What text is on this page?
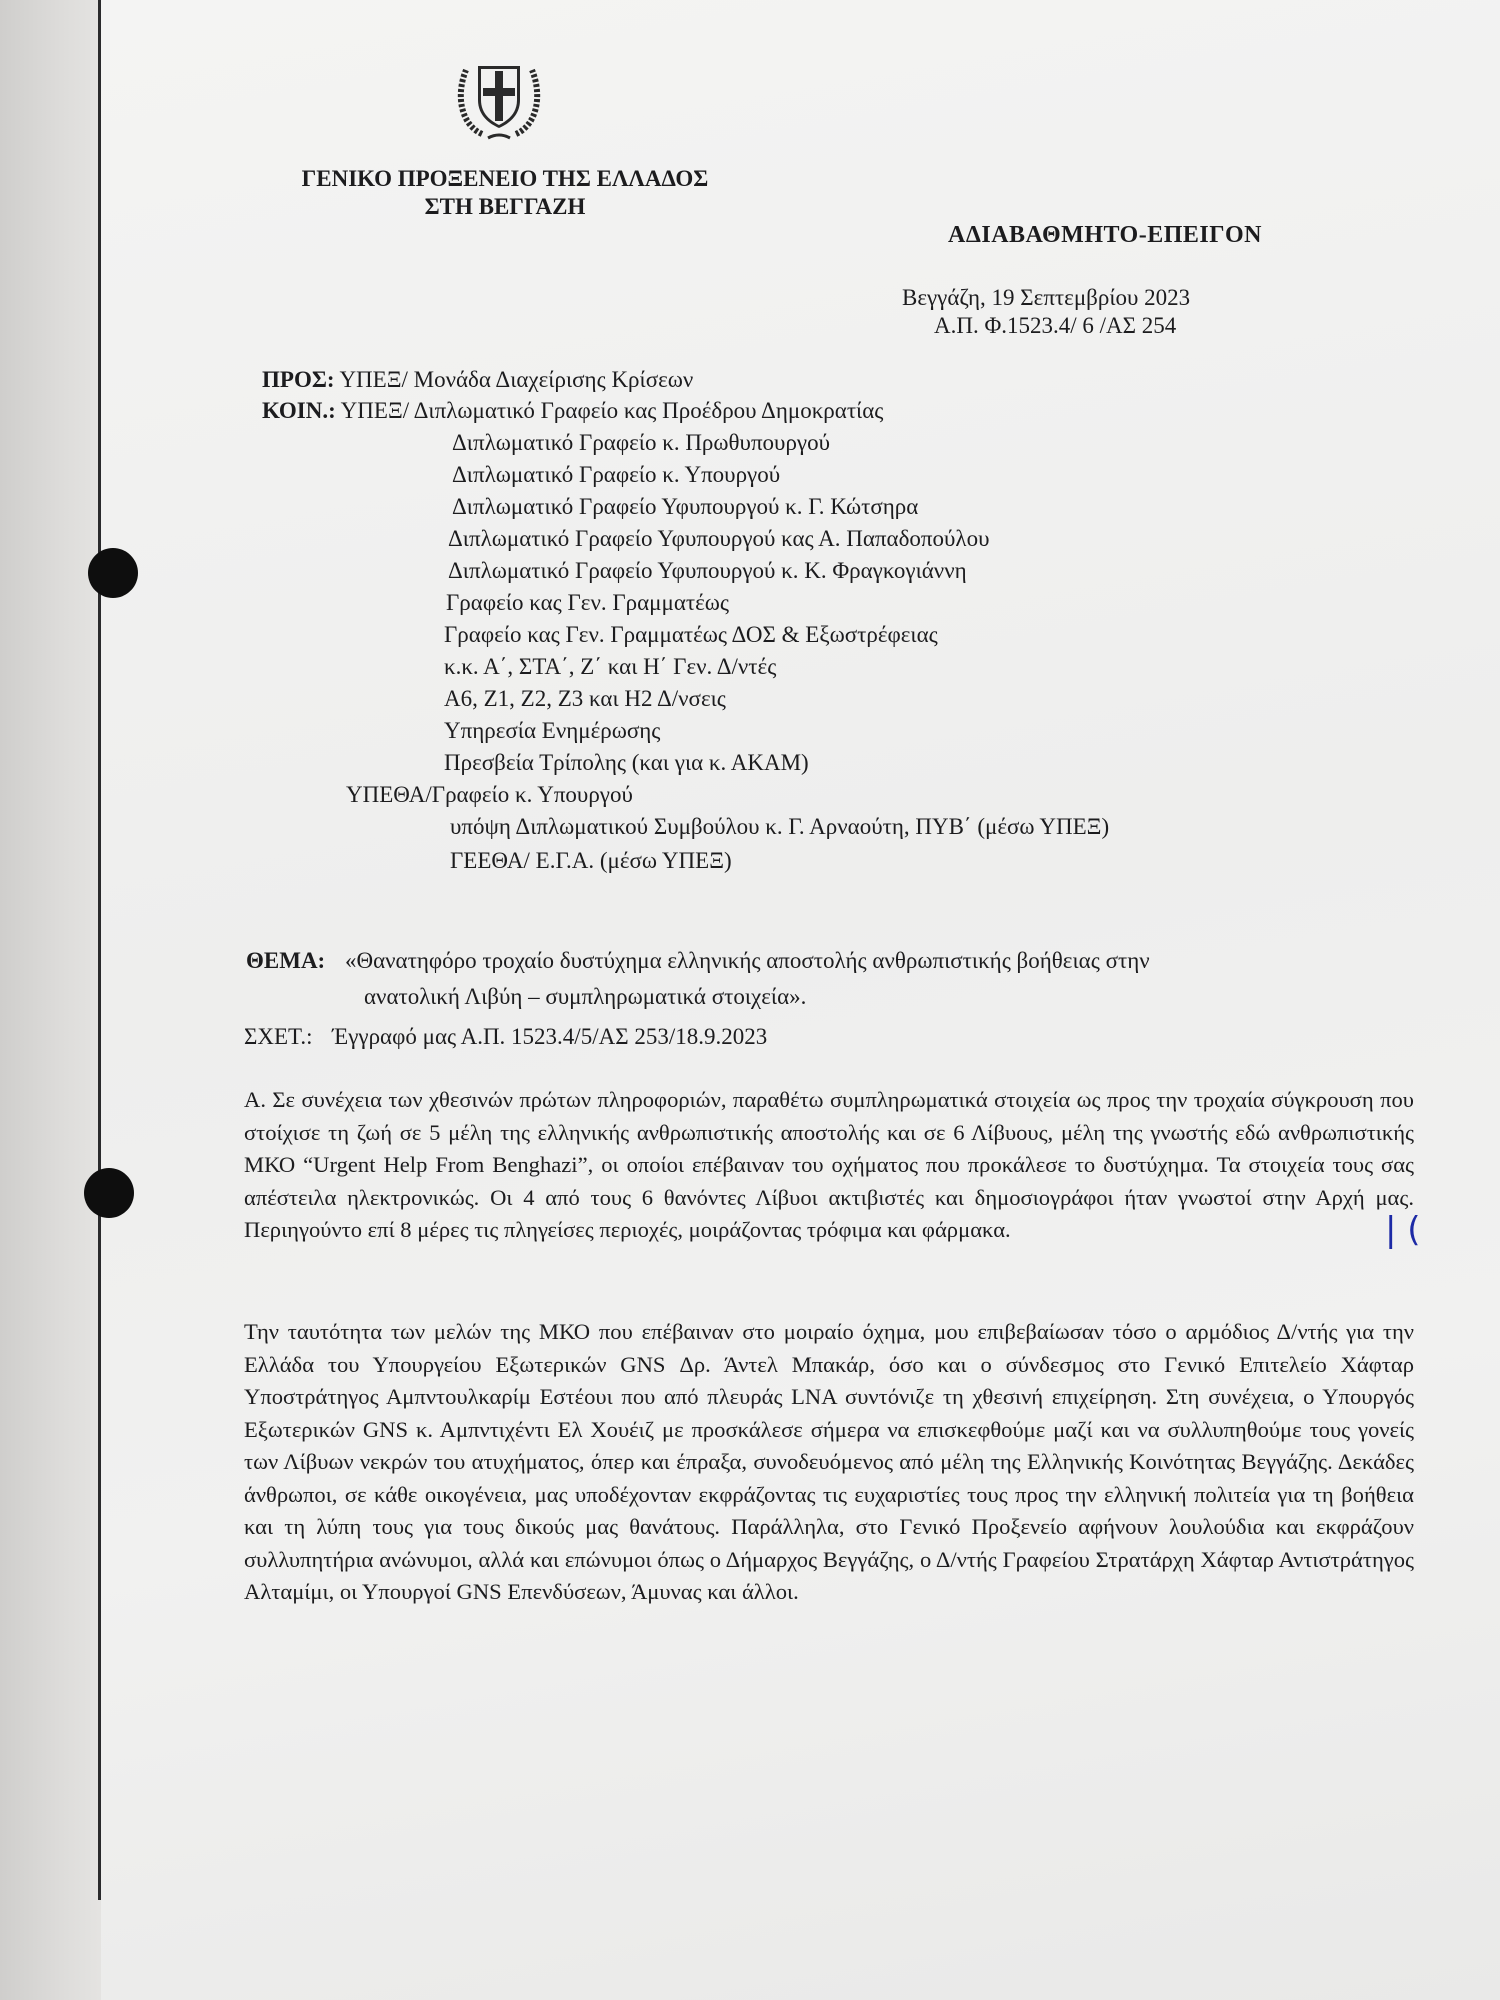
ΓΕΝΙΚΟ ΠΡΟΞΕΝΕΙΟ ΤΗΣ ΕΛΛΑΔΟΣ
ΣΤΗ ΒΕΓΓΑΖΗ
ΑΔΙΑΒΑΘΜΗΤΟ-ΕΠΕΙΓΟΝ
Βεγγάζη, 19 Σεπτεμβρίου 2023
Α.Π. Φ.1523.4/ 6 /ΑΣ 254
ΠΡΟΣ: ΥΠΕΞ/ Μονάδα Διαχείρισης Κρίσεων
ΚΟΙΝ.: ΥΠΕΞ/ Διπλωματικό Γραφείο κας Προέδρου Δημοκρατίας
Διπλωματικό Γραφείο κ. Πρωθυπουργού
Διπλωματικό Γραφείο κ. Υπουργού
Διπλωματικό Γραφείο Υφυπουργού κ. Γ. Κώτσηρα
Διπλωματικό Γραφείο Υφυπουργού κας Α. Παπαδοπούλου
Διπλωματικό Γραφείο Υφυπουργού κ. Κ. Φραγκογιάννη
Γραφείο κας Γεν. Γραμματέως
Γραφείο κας Γεν. Γραμματέως ΔΟΣ & Εξωστρέφειας
κ.κ. Α΄, ΣΤΑ΄, Ζ΄ και Η΄ Γεν. Δ/ντές
Α6, Ζ1, Ζ2, Ζ3 και Η2 Δ/νσεις
Υπηρεσία Ενημέρωσης
Πρεσβεία Τρίπολης (και για κ. ΑΚΑΜ)
ΥΠΕΘΑ/Γραφείο κ. Υπουργού
υπόψη Διπλωματικού Συμβούλου κ. Γ. Αρναούτη, ΠΥΒ΄ (μέσω ΥΠΕΞ)
ΓΕΕΘΑ/ Ε.Γ.Α. (μέσω ΥΠΕΞ)
ΘΕΜΑ: «Θανατηφόρο τροχαίο δυστύχημα ελληνικής αποστολής ανθρωπιστικής βοήθειας στην
ανατολική Λιβύη – συμπληρωματικά στοιχεία».
ΣΧΕΤ.: Έγγραφό μας Α.Π. 1523.4/5/ΑΣ 253/18.9.2023
Α. Σε συνέχεια των χθεσινών πρώτων πληροφοριών, παραθέτω συμπληρωματικά στοιχεία ως προς την τροχαία σύγκρουση που στοίχισε τη ζωή σε 5 μέλη της ελληνικής ανθρωπιστικής αποστολής και σε 6 Λίβυους, μέλη της γνωστής εδώ ανθρωπιστικής ΜΚΟ “Urgent Help From Benghazi”, οι οποίοι επέβαιναν του οχήματος που προκάλεσε το δυστύχημα. Τα στοιχεία τους σας απέστειλα ηλεκτρονικώς. Οι 4 από τους 6 θανόντες Λίβυοι ακτιβιστές και δημοσιογράφοι ήταν γνωστοί στην Αρχή μας. Περιηγούντο επί 8 μέρες τις πληγείσες περιοχές, μοιράζοντας τρόφιμα και φάρμακα.
Την ταυτότητα των μελών της ΜΚΟ που επέβαιναν στο μοιραίο όχημα, μου επιβεβαίωσαν τόσο ο αρμόδιος Δ/ντής για την Ελλάδα του Υπουργείου Εξωτερικών GNS Δρ. Άντελ Μπακάρ, όσο και ο σύνδεσμος στο Γενικό Επιτελείο Χάφταρ Υποστράτηγος Αμπντουλκαρίμ Εστέουι που από πλευράς LNA συντόνιζε τη χθεσινή επιχείρηση. Στη συνέχεια, ο Υπουργός Εξωτερικών GNS κ. Αμπντιχέντι Ελ Χουέιζ με προσκάλεσε σήμερα να επισκεφθούμε μαζί και να συλλυπηθούμε τους γονείς των Λίβυων νεκρών του ατυχήματος, όπερ και έπραξα, συνοδευόμενος από μέλη της Ελληνικής Κοινότητας Βεγγάζης. Δεκάδες άνθρωποι, σε κάθε οικογένεια, μας υποδέχονταν εκφράζοντας τις ευχαριστίες τους προς την ελληνική πολιτεία για τη βοήθεια και τη λύπη τους για τους δικούς μας θανάτους. Παράλληλα, στο Γενικό Προξενείο αφήνουν λουλούδια και εκφράζουν συλλυπητήρια ανώνυμοι, αλλά και επώνυμοι όπως ο Δήμαρχος Βεγγάζης, ο Δ/ντής Γραφείου Στρατάρχη Χάφταρ Αντιστράτηγος Αλταμίμι, οι Υπουργοί GNS Επενδύσεων, Άμυνας και άλλοι.
| (
